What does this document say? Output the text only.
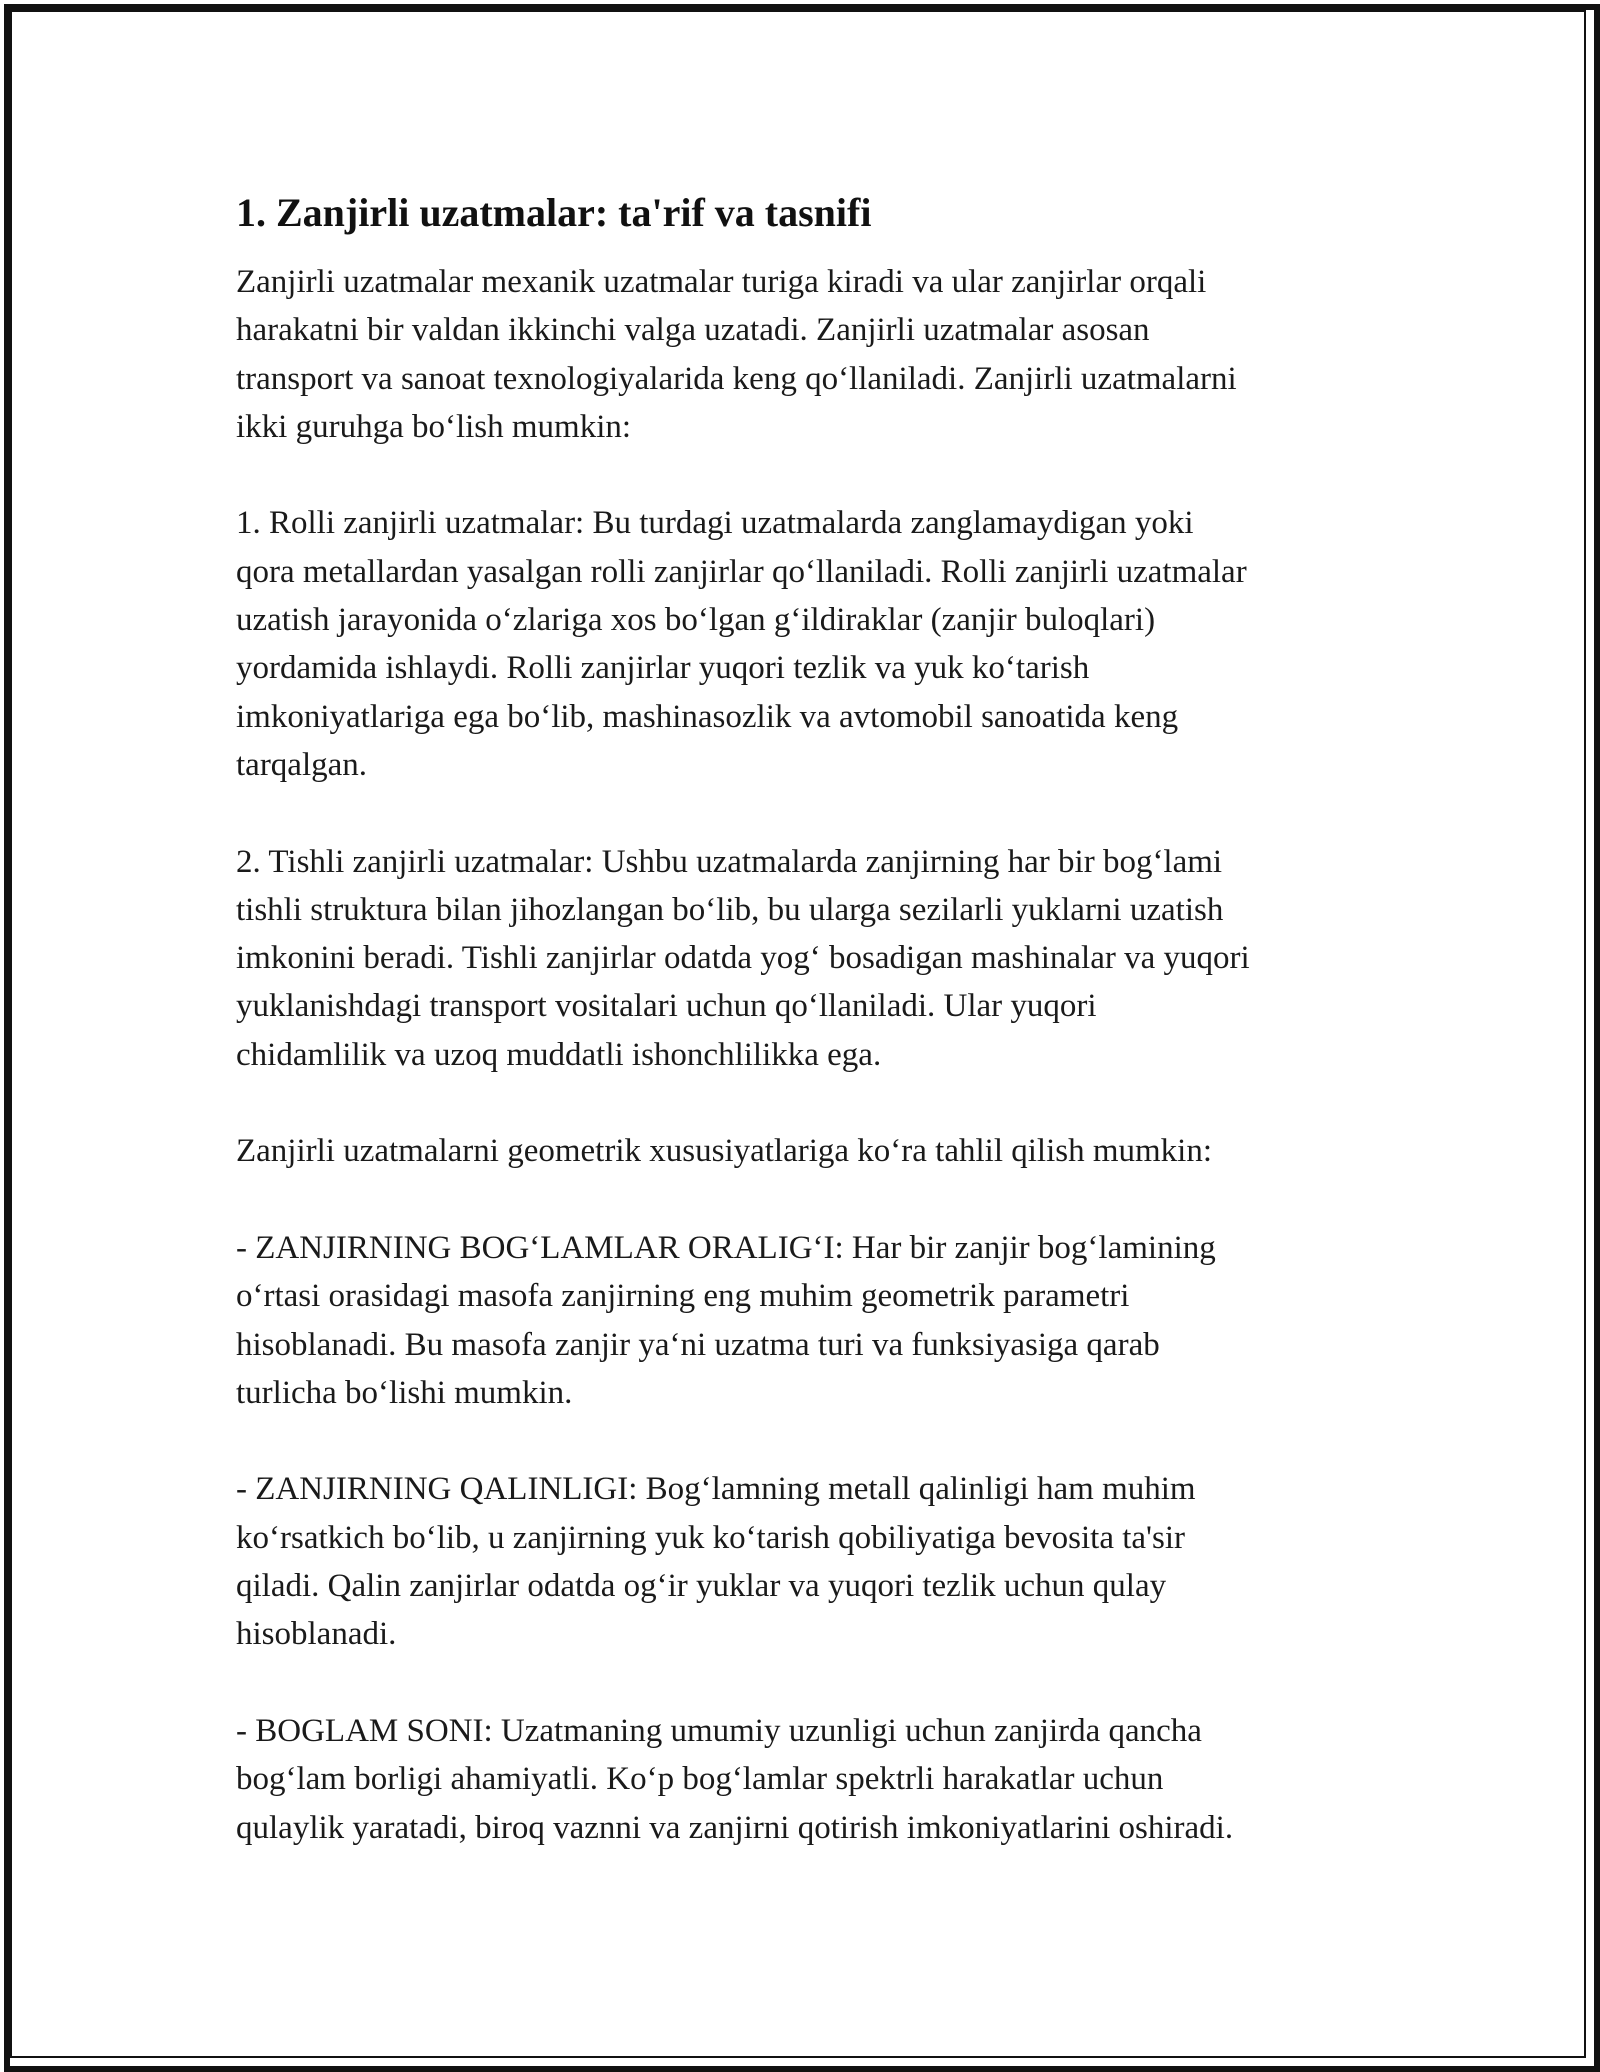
1. Zanjirli uzatmalar: ta'rif va tasnifi
Zanjirli uzatmalar mexanik uzatmalar turiga kiradi va ular zanjirlar orqali
harakatni bir valdan ikkinchi valga uzatadi. Zanjirli uzatmalar asosan
transport va sanoat texnologiyalarida keng qoʻllaniladi. Zanjirli uzatmalarni
ikki guruhga boʻlish mumkin:

1. Rolli zanjirli uzatmalar: Bu turdagi uzatmalarda zanglamaydigan yoki
qora metallardan yasalgan rolli zanjirlar qoʻllaniladi. Rolli zanjirli uzatmalar
uzatish jarayonida oʻzlariga xos boʻlgan gʻildiraklar (zanjir buloqlari)
yordamida ishlaydi. Rolli zanjirlar yuqori tezlik va yuk koʻtarish
imkoniyatlariga ega boʻlib, mashinasozlik va avtomobil sanoatida keng
tarqalgan.

2. Tishli zanjirli uzatmalar: Ushbu uzatmalarda zanjirning har bir bogʻlami
tishli struktura bilan jihozlangan boʻlib, bu ularga sezilarli yuklarni uzatish
imkonini beradi. Tishli zanjirlar odatda yogʻ bosadigan mashinalar va yuqori
yuklanishdagi transport vositalari uchun qoʻllaniladi. Ular yuqori
chidamlilik va uzoq muddatli ishonchlilikka ega.

Zanjirli uzatmalarni geometrik xususiyatlariga koʻra tahlil qilish mumkin:

- ZANJIRNING BOGʻLAMLAR ORALIGʻI: Har bir zanjir bogʻlamining
oʻrtasi orasidagi masofa zanjirning eng muhim geometrik parametri
hisoblanadi. Bu masofa zanjir yaʻni uzatma turi va funksiyasiga qarab
turlicha boʻlishi mumkin.

- ZANJIRNING QALINLIGI: Bogʻlamning metall qalinligi ham muhim
koʻrsatkich boʻlib, u zanjirning yuk koʻtarish qobiliyatiga bevosita ta'sir
qiladi. Qalin zanjirlar odatda ogʻir yuklar va yuqori tezlik uchun qulay
hisoblanadi.

- BOGLAM SONI: Uzatmaning umumiy uzunligi uchun zanjirda qancha
bogʻlam borligi ahamiyatli. Koʻp bogʻlamlar spektrli harakatlar uchun
qulaylik yaratadi, biroq vaznni va zanjirni qotirish imkoniyatlarini oshiradi.
